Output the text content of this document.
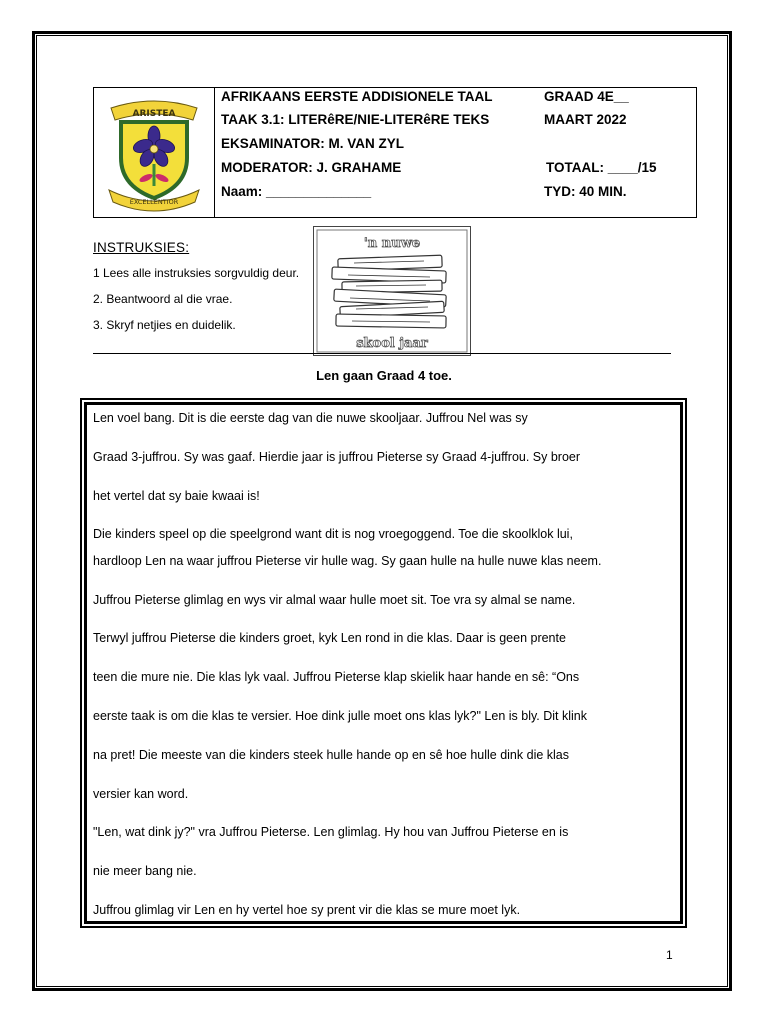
ARISTEA
EXCELLENTIOR
AFRIKAANS EERSTE ADDISIONELE TAAL	GRAAD 4E__
TAAK 3.1: LITERêRE/NIE-LITERêRE TEKS	MAART 2022
EKSAMINATOR: M. VAN ZYL
MODERATOR: J. GRAHAME	TOTAAL: ____/15
Naam: ______________	TYD: 40 MIN.
INSTRUKSIES:
1 Lees alle instruksies sorgvuldig deur.
2. Beantwoord al die vrae.
3. Skryf netjies en duidelik.
'n nuwe
skool jaar
Len gaan Graad 4 toe.
Len voel bang. Dit is die eerste dag van die nuwe skooljaar. Juffrou Nel was sy
Graad 3-juffrou. Sy was gaaf. Hierdie jaar is juffrou Pieterse sy Graad 4-juffrou. Sy broer
het vertel dat sy baie kwaai is!
Die kinders speel op die speelgrond want dit is nog vroegoggend. Toe die skoolklok lui,
hardloop Len na waar juffrou Pieterse vir hulle wag. Sy gaan hulle na hulle nuwe klas neem.
Juffrou Pieterse glimlag en wys vir almal waar hulle moet sit. Toe vra sy almal se name.
Terwyl juffrou Pieterse die kinders groet, kyk Len rond in die klas. Daar is geen prente
teen die mure nie. Die klas lyk vaal. Juffrou Pieterse klap skielik haar hande en sê: “Ons
eerste taak is om die klas te versier. Hoe dink julle moet ons klas lyk?" Len is bly. Dit klink
na pret! Die meeste van die kinders steek hulle hande op en sê hoe hulle dink die klas
versier kan word.
"Len, wat dink jy?" vra Juffrou Pieterse. Len glimlag. Hy hou van Juffrou Pieterse en is
nie meer bang nie.
Juffrou glimlag vir Len en hy vertel hoe sy prent vir die klas se mure moet lyk.
1
